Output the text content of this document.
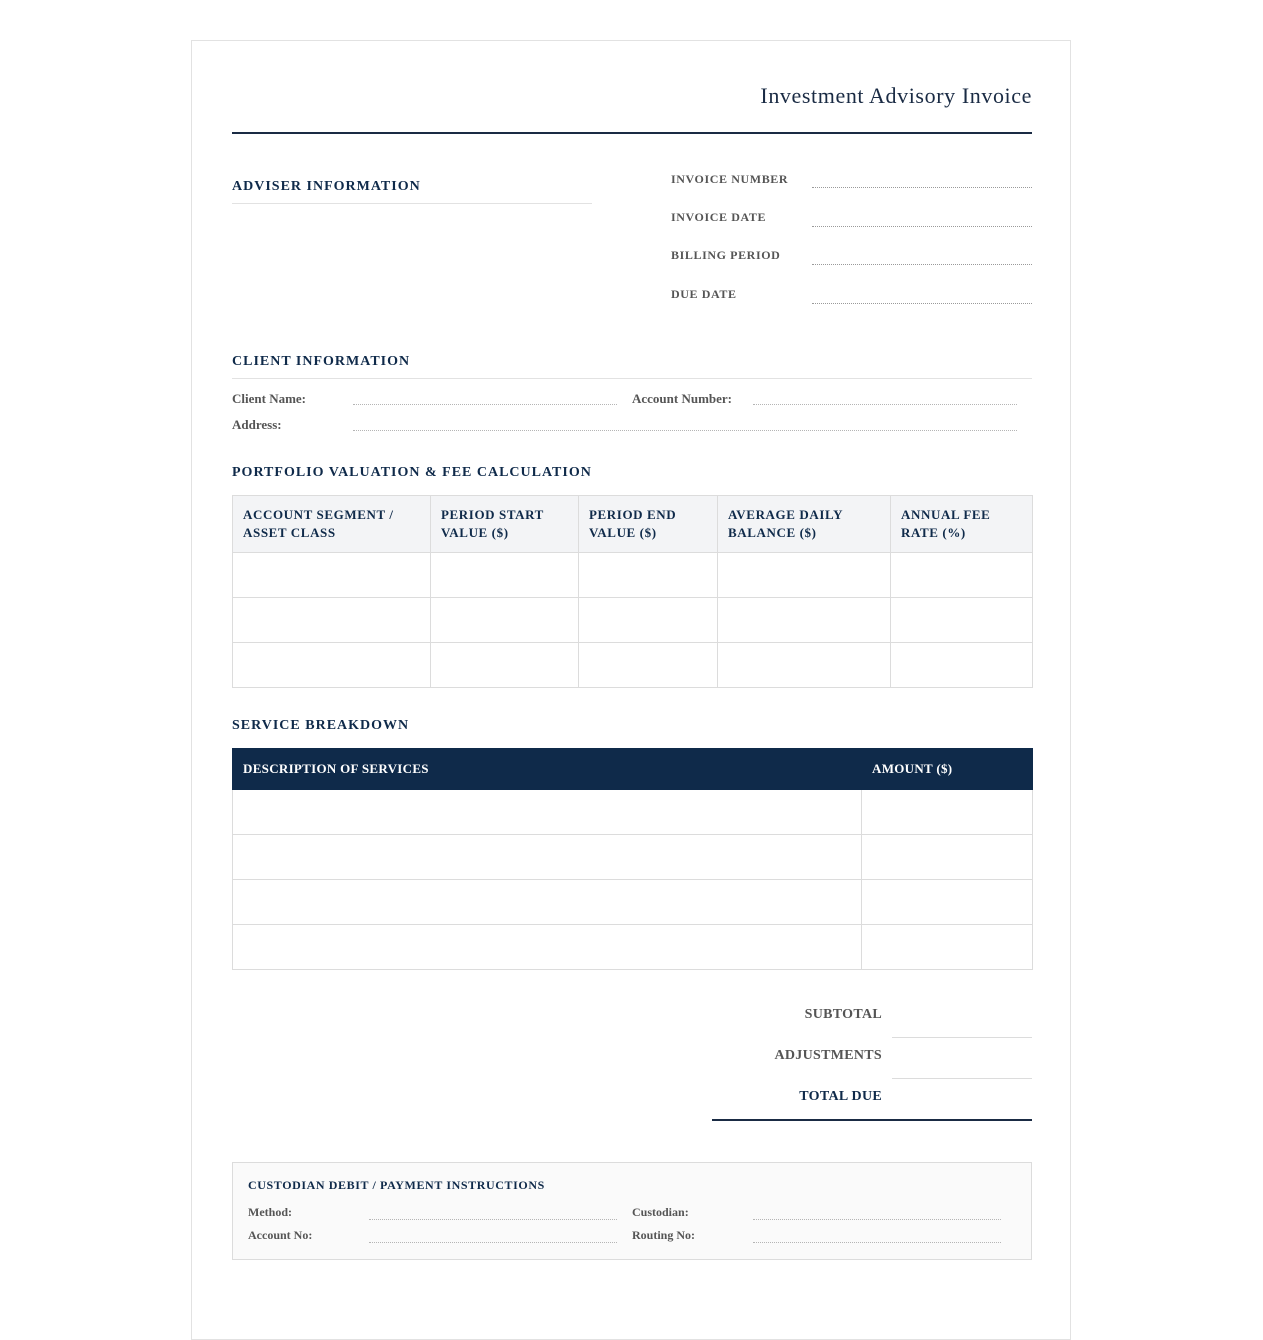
Investment Advisory Invoice
ADVISER INFORMATION	INVOICE NUMBER
INVOICE DATE
BILLING PERIOD
DUE DATE
CLIENT INFORMATION
Client Name:	Account Number:
Address:
PORTFOLIO VALUATION & FEE CALCULATION
ACCOUNT SEGMENT / ASSET CLASS	PERIOD START VALUE ($)	PERIOD END VALUE ($)	AVERAGE DAILY BALANCE ($)	ANNUAL FEE RATE (%)

SERVICE BREAKDOWN
DESCRIPTION OF SERVICES	AMOUNT ($)

SUBTOTAL
ADJUSTMENTS
TOTAL DUE
CUSTODIAN DEBIT / PAYMENT INSTRUCTIONS
Method:	Custodian:
Account No:	Routing No:
